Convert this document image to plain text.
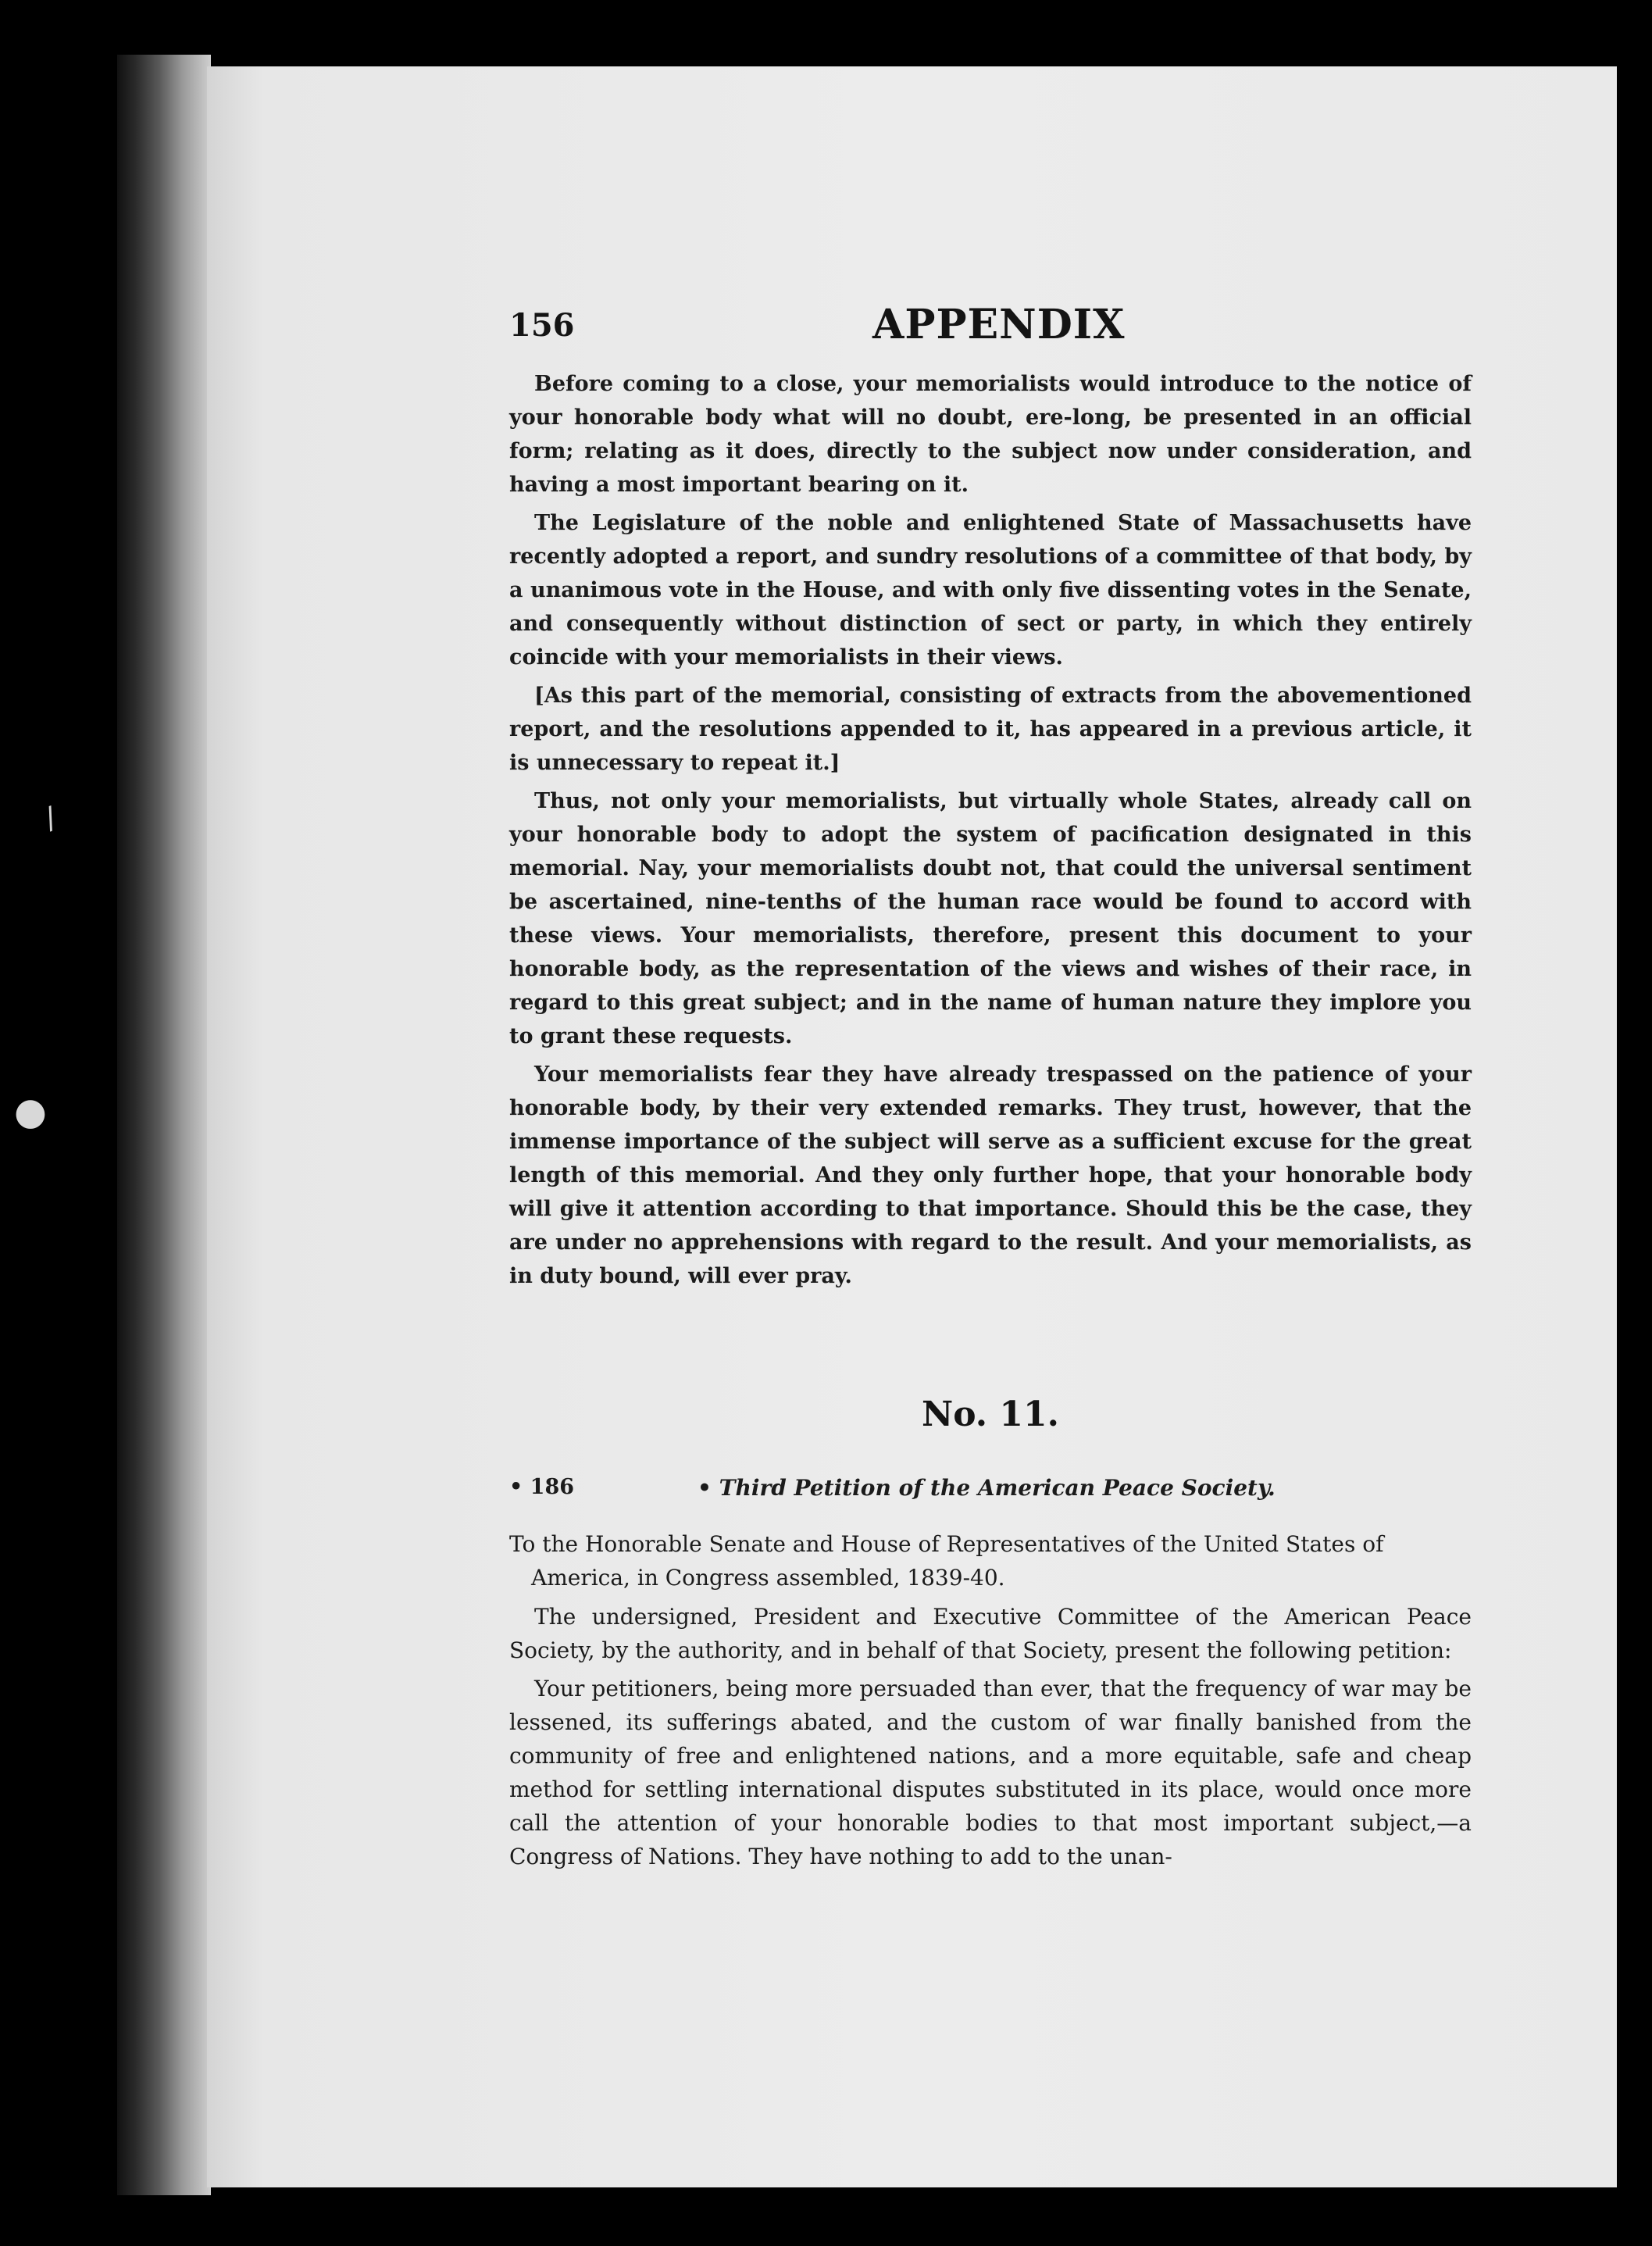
/
●
156	APPENDIX

Before coming to a close, your memorialists would introduce to the notice of your honorable body what will no doubt, ere-long, be presented in an official form; relating as it does, directly to the subject now under consideration, and having a most important bearing on it.

The Legislature of the noble and enlightened State of Massachusetts have recently adopted a report, and sundry resolutions of a committee of that body, by a unanimous vote in the House, and with only five dissenting votes in the Senate, and consequently without distinction of sect or party, in which they entirely coincide with your memorialists in their views.

[As this part of the memorial, consisting of extracts from the abovementioned report, and the resolutions appended to it, has appeared in a previous article, it is unnecessary to repeat it.]

Thus, not only your memorialists, but virtually whole States, already call on your honorable body to adopt the system of pacification designated in this memorial. Nay, your memorialists doubt not, that could the universal sentiment be ascertained, nine-tenths of the human race would be found to accord with these views. Your memorialists, therefore, present this document to your honorable body, as the representation of the views and wishes of their race, in regard to this great subject; and in the name of human nature they implore you to grant these requests.

Your memorialists fear they have already trespassed on the patience of your honorable body, by their very extended remarks. They trust, however, that the immense importance of the subject will serve as a sufficient excuse for the great length of this memorial. And they only further hope, that your honorable body will give it attention according to that importance. Should this be the case, they are under no apprehensions with regard to the result. And your memorialists, as in duty bound, will ever pray.

No. 11.
• 186	• Third Petition of the American Peace Society.
To the Honorable Senate and House of Representatives of the United States of America, in Congress assembled, 1839-40.

The undersigned, President and Executive Committee of the American Peace Society, by the authority, and in behalf of that Society, present the following petition:

Your petitioners, being more persuaded than ever, that the frequency of war may be lessened, its sufferings abated, and the custom of war finally banished from the community of free and enlightened nations, and a more equitable, safe and cheap method for settling international disputes substituted in its place, would once more call the attention of your honorable bodies to that most important subject,—a Congress of Nations. They have nothing to add to the unan-
